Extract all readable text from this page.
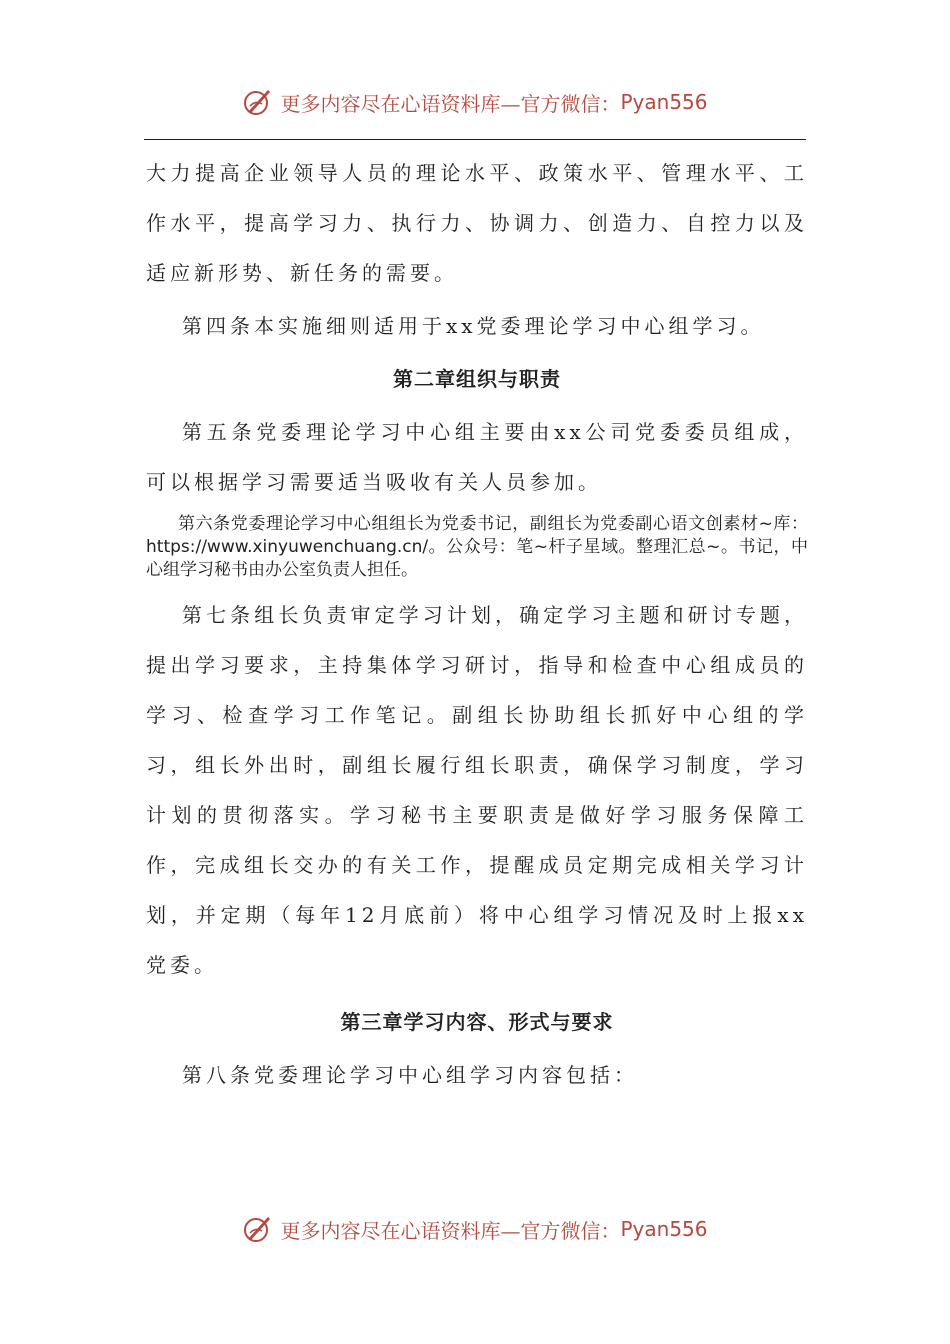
更多内容尽在心语资料库—官方微信： Pyan556

大力提高企业领导人员的理论水平、政策水平、管理水平、工作水平，提高学习力、执行力、协调力、创造力、自控力以及适应新形势、新任务的需要。

第四条本实施细则适用于xx党委理论学习中心组学习。

第二章组织与职责

第五条党委理论学习中心组主要由xx公司党委委员组成，可以根据学习需要适当吸收有关人员参加。

第六条党委理论学习中心组组长为党委书记，副组长为党委副心语文创素材~库：https://www.xinyuwenchuang.cn/。公众号：笔~杆子星域。整理汇总~。书记，中心组学习秘书由办公室负责人担任。

第七条组长负责审定学习计划，确定学习主题和研讨专题，提出学习要求，主持集体学习研讨，指导和检查中心组成员的学习、检查学习工作笔记。副组长协助组长抓好中心组的学习，组长外出时，副组长履行组长职责，确保学习制度，学习计划的贯彻落实。学习秘书主要职责是做好学习服务保障工作，完成组长交办的有关工作，提醒成员定期完成相关学习计划，并定期（每年12月底前）将中心组学习情况及时上报xx党委。

第三章学习内容、形式与要求

第八条党委理论学习中心组学习内容包括：

更多内容尽在心语资料库—官方微信： Pyan556
